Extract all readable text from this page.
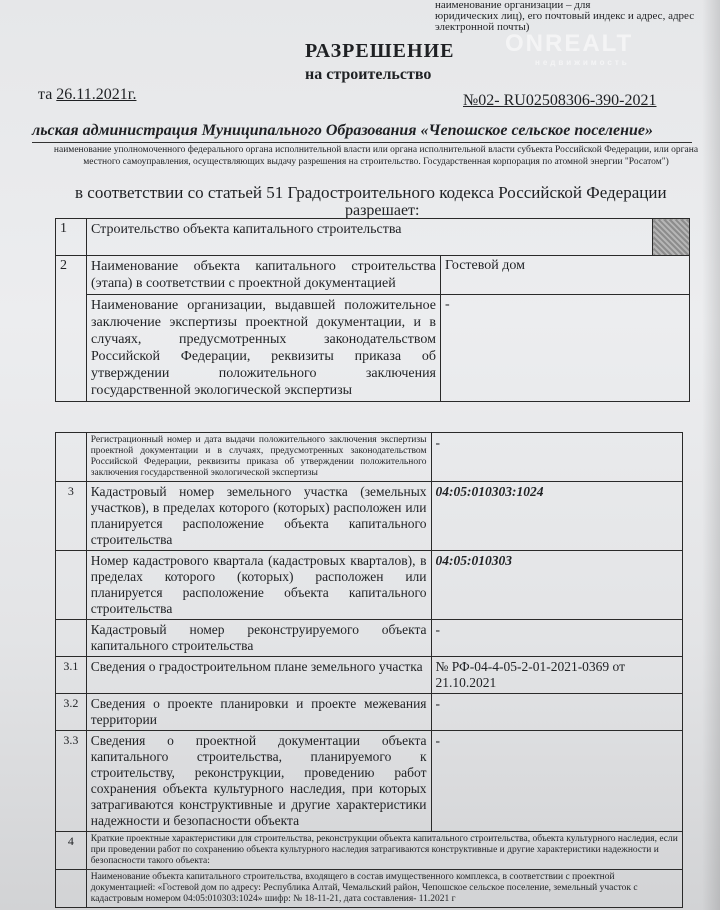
наименование организации – для
юридических лиц), его почтовый индекс и адрес, адрес
электронной почты)
ONREALT
недвижимость
РАЗРЕШЕНИЕ
на строительство
та 26.11.2021г.	№02- RU02508306-390-2021
льская администрация Муниципального Образования «Чепошское сельское поселение»
наименование уполномоченного федерального органа исполнительной власти или органа исполнительной власти субъекта Российской Федерации, или органа местного самоуправления, осуществляющих выдачу разрешения на строительство. Государственная корпорация по атомной энергии "Росатом")
в соответствии со статьей 51 Градостроительного кодекса Российской Федерации
разрешает:
1	Строительство объекта капитального строительства		
2	Наименование объекта капитального строительства (этапа) в соответствии с проектной документацией	Гостевой дом	
	Наименование организации, выдавшей положительное заключение экспертизы проектной документации, и в случаях, предусмотренных законодательством Российской Федерации, реквизиты приказа об утверждении положительного заключения государственной экологической экспертизы	-	
	Регистрационный номер и дата выдачи положительного заключения экспертизы проектной документации и в случаях, предусмотренных законодательством Российской Федерации, реквизиты приказа об утверждении положительного заключения государственной экологической экспертизы	-
3	Кадастровый номер земельного участка (земельных участков), в пределах которого (которых) расположен или планируется расположение объекта капитального строительства	04:05:010303:1024
	Номер кадастрового квартала (кадастровых кварталов), в пределах которого (которых) расположен или планируется расположение объекта капитального строительства	04:05:010303
	Кадастровый номер реконструируемого объекта капитального строительства	-
3.1	Сведения о градостроительном плане земельного участка	№ РФ-04-4-05-2-01-2021-0369 от 21.10.2021
3.2	Сведения о проекте планировки и проекте межевания территории	-
3.3	Сведения о проектной документации объекта капитального строительства, планируемого к строительству, реконструкции, проведению работ сохранения объекта культурного наследия, при которых затрагиваются конструктивные и другие характеристики надежности и безопасности объекта	-
4	Краткие проектные характеристики для строительства, реконструкции объекта капитального строительства, объекта культурного наследия, если при проведении работ по сохранению объекта культурного наследия затрагиваются конструктивные и другие характеристики надежности и безопасности такого объекта:	
	Наименование объекта капитального строительства, входящего в состав имущественного комплекса, в соответствии с проектной документацией: «Гостевой дом по адресу: Республика Алтай, Чемальский район, Чепошское сельское поселение, земельный участок с кадастровым номером 04:05:010303:1024» шифр: № 18-11-21, дата составления- 11.2021 г	
